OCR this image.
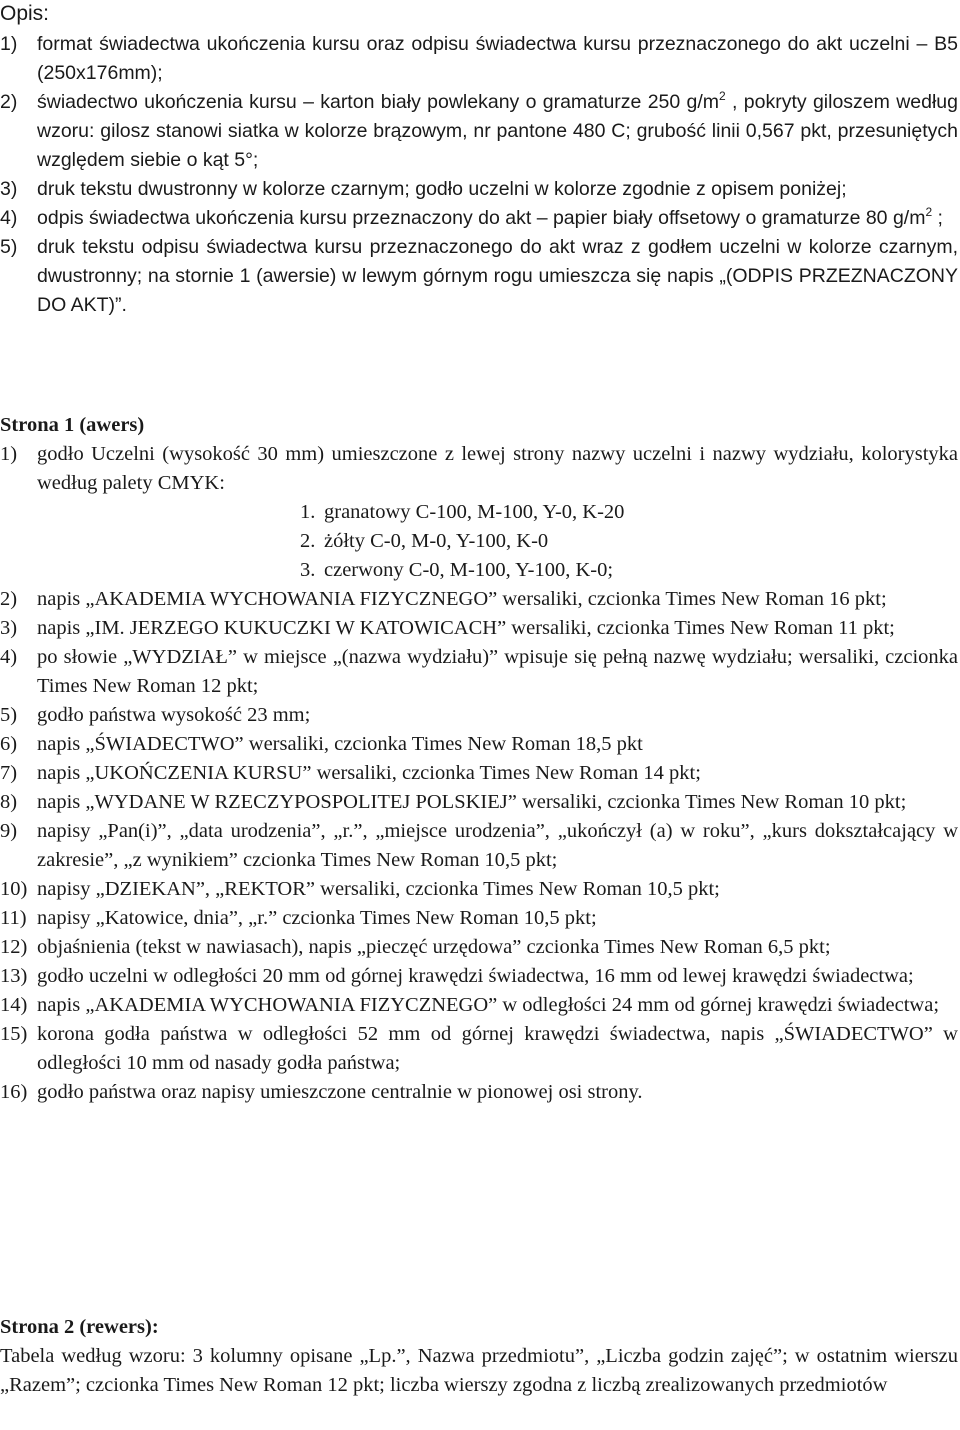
Opis:
1) format świadectwa ukończenia kursu oraz odpisu świadectwa kursu przeznaczonego do akt uczelni – B5 (250x176mm);
2) świadectwo ukończenia kursu – karton biały powlekany o gramaturze 250 $g/m^2$ , pokryty giloszem według wzoru: gilosz stanowi siatka w kolorze brązowym, nr pantone 480 C; grubość linii 0,567 pkt, przesuniętych względem siebie o kąt 5°;
3) druk tekstu dwustronny w kolorze czarnym; godło uczelni w kolorze zgodnie z opisem poniżej;
4) odpis świadectwa ukończenia kursu przeznaczony do akt – papier biały offsetowy o gramaturze 80 $g/m^2$ ;
5) druk tekstu odpisu świadectwa kursu przeznaczonego do akt wraz z godłem uczelni w kolorze czarnym, dwustronny; na stornie 1 (awersie) w lewym górnym rogu umieszcza się napis „(ODPIS PRZEZNACZONY DO AKT)”.
Strona 1 (awers)
1) godło Uczelni (wysokość 30 mm) umieszczone z lewej strony nazwy uczelni i nazwy wydziału, kolorystyka według palety CMYK:
1. granatowy C-100, M-100, Y-0, K-20
2. żółty C-0, M-0, Y-100, K-0
3. czerwony C-0, M-100, Y-100, K-0;
2) napis „AKADEMIA WYCHOWANIA FIZYCZNEGO” wersaliki, czcionka Times New Roman 16 pkt;
3) napis „IM. JERZEGO KUKUCZKI W KATOWICACH” wersaliki, czcionka Times New Roman 11 pkt;
4) po słowie „WYDZIAŁ” w miejsce „(nazwa wydziału)” wpisuje się pełną nazwę wydziału; wersaliki, czcionka Times New Roman 12 pkt;
5) godło państwa wysokość 23 mm;
6) napis „ŚWIADECTWO” wersaliki, czcionka Times New Roman 18,5 pkt
7) napis „UKOŃCZENIA KURSU” wersaliki, czcionka Times New Roman 14 pkt;
8) napis „WYDANE W RZECZYPOSPOLITEJ POLSKIEJ” wersaliki, czcionka Times New Roman 10 pkt;
9) napisy „Pan(i)”, „data urodzenia”, „r.”, „miejsce urodzenia”, „ukończył (a) w roku”, „kurs dokształcający w zakresie”, „z wynikiem” czcionka Times New Roman 10,5 pkt;
10) napisy „DZIEKAN”, „REKTOR” wersaliki, czcionka Times New Roman 10,5 pkt;
11) napisy „Katowice, dnia”, „r.” czcionka Times New Roman 10,5 pkt;
12) objaśnienia (tekst w nawiasach), napis „pieczęć urzędowa” czcionka Times New Roman 6,5 pkt;
13) godło uczelni w odległości 20 mm od górnej krawędzi świadectwa, 16 mm od lewej krawędzi świadectwa;
14) napis „AKADEMIA WYCHOWANIA FIZYCZNEGO” w odległości 24 mm od górnej krawędzi świadectwa;
15) korona godła państwa w odległości 52 mm od górnej krawędzi świadectwa, napis „ŚWIADECTWO” w odległości 10 mm od nasady godła państwa;
16) godło państwa oraz napisy umieszczone centralnie w pionowej osi strony.
Strona 2 (rewers):
Tabela według wzoru: 3 kolumny opisane „Lp.”, Nazwa przedmiotu”, „Liczba godzin zajęć”; w ostatnim wierszu „Razem”; czcionka Times New Roman 12 pkt; liczba wierszy zgodna z liczbą zrealizowanych przedmiotów
